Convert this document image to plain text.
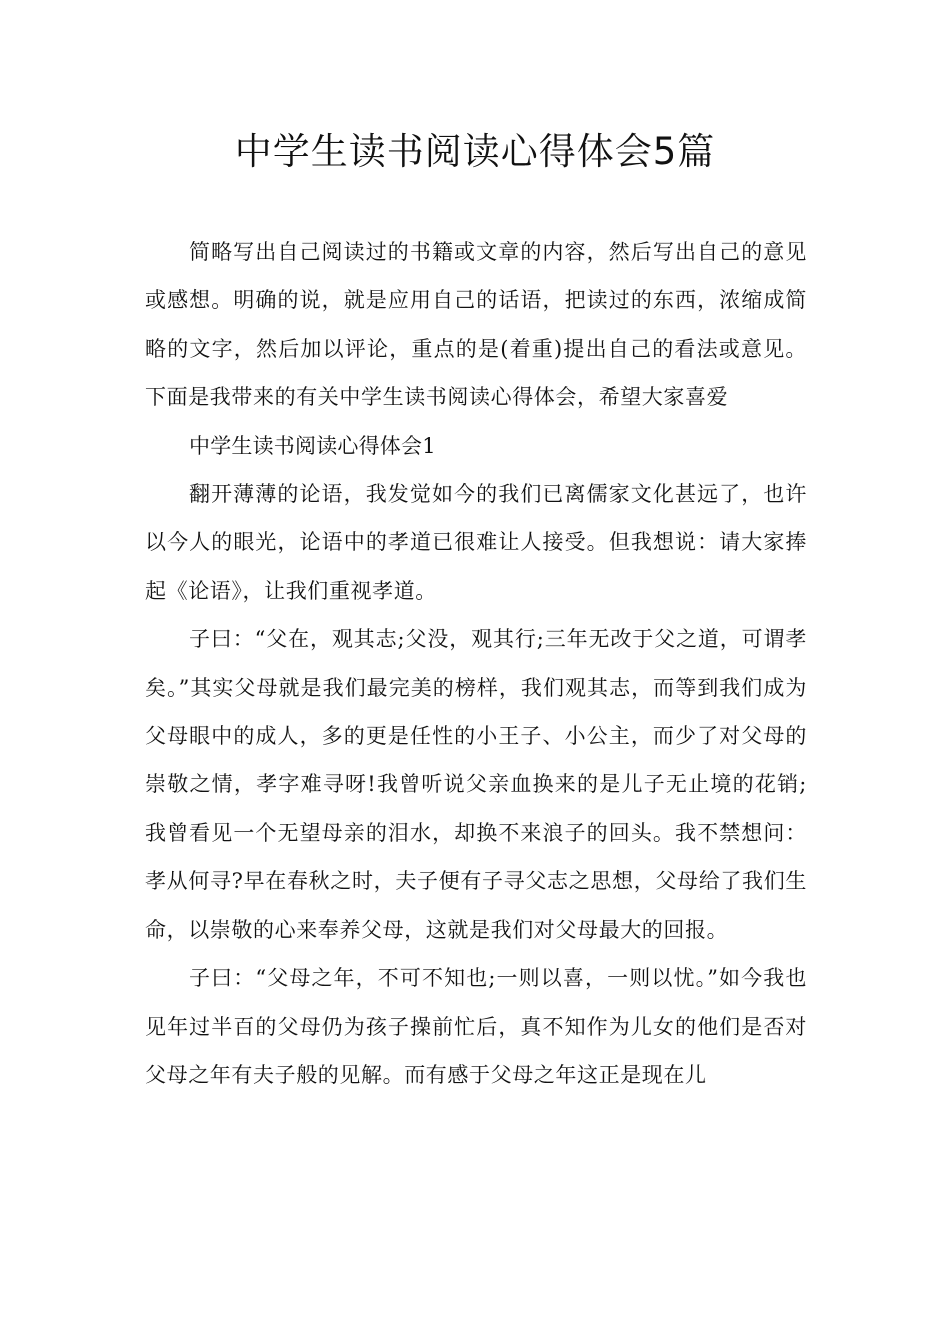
中学生读书阅读心得体会5篇

简略写出自己阅读过的书籍或文章的内容，然后写出自己的意见或感想。明确的说，就是应用自己的话语，把读过的东西，浓缩成简略的文字，然后加以评论，重点的是(着重)提出自己的看法或意见。下面是我带来的有关中学生读书阅读心得体会，希望大家喜爱

中学生读书阅读心得体会1

翻开薄薄的论语，我发觉如今的我们已离儒家文化甚远了，也许以今人的眼光，论语中的孝道已很难让人接受。但我想说：请大家捧起《论语》，让我们重视孝道。

子曰：“父在，观其志;父没，观其行;三年无改于父之道，可谓孝矣。”其实父母就是我们最完美的榜样，我们观其志，而等到我们成为父母眼中的成人，多的更是任性的小王子、小公主，而少了对父母的崇敬之情，孝字难寻呀!我曾听说父亲血换来的是儿子无止境的花销;我曾看见一个无望母亲的泪水，却换不来浪子的回头。我不禁想问：孝从何寻?早在春秋之时，夫子便有子寻父志之思想，父母给了我们生命，以崇敬的心来奉养父母，这就是我们对父母最大的回报。

子曰：“父母之年，不可不知也;一则以喜，一则以忧。”如今我也见年过半百的父母仍为孩子操前忙后，真不知作为儿女的他们是否对父母之年有夫子般的见解。而有感于父母之年这正是现在儿
